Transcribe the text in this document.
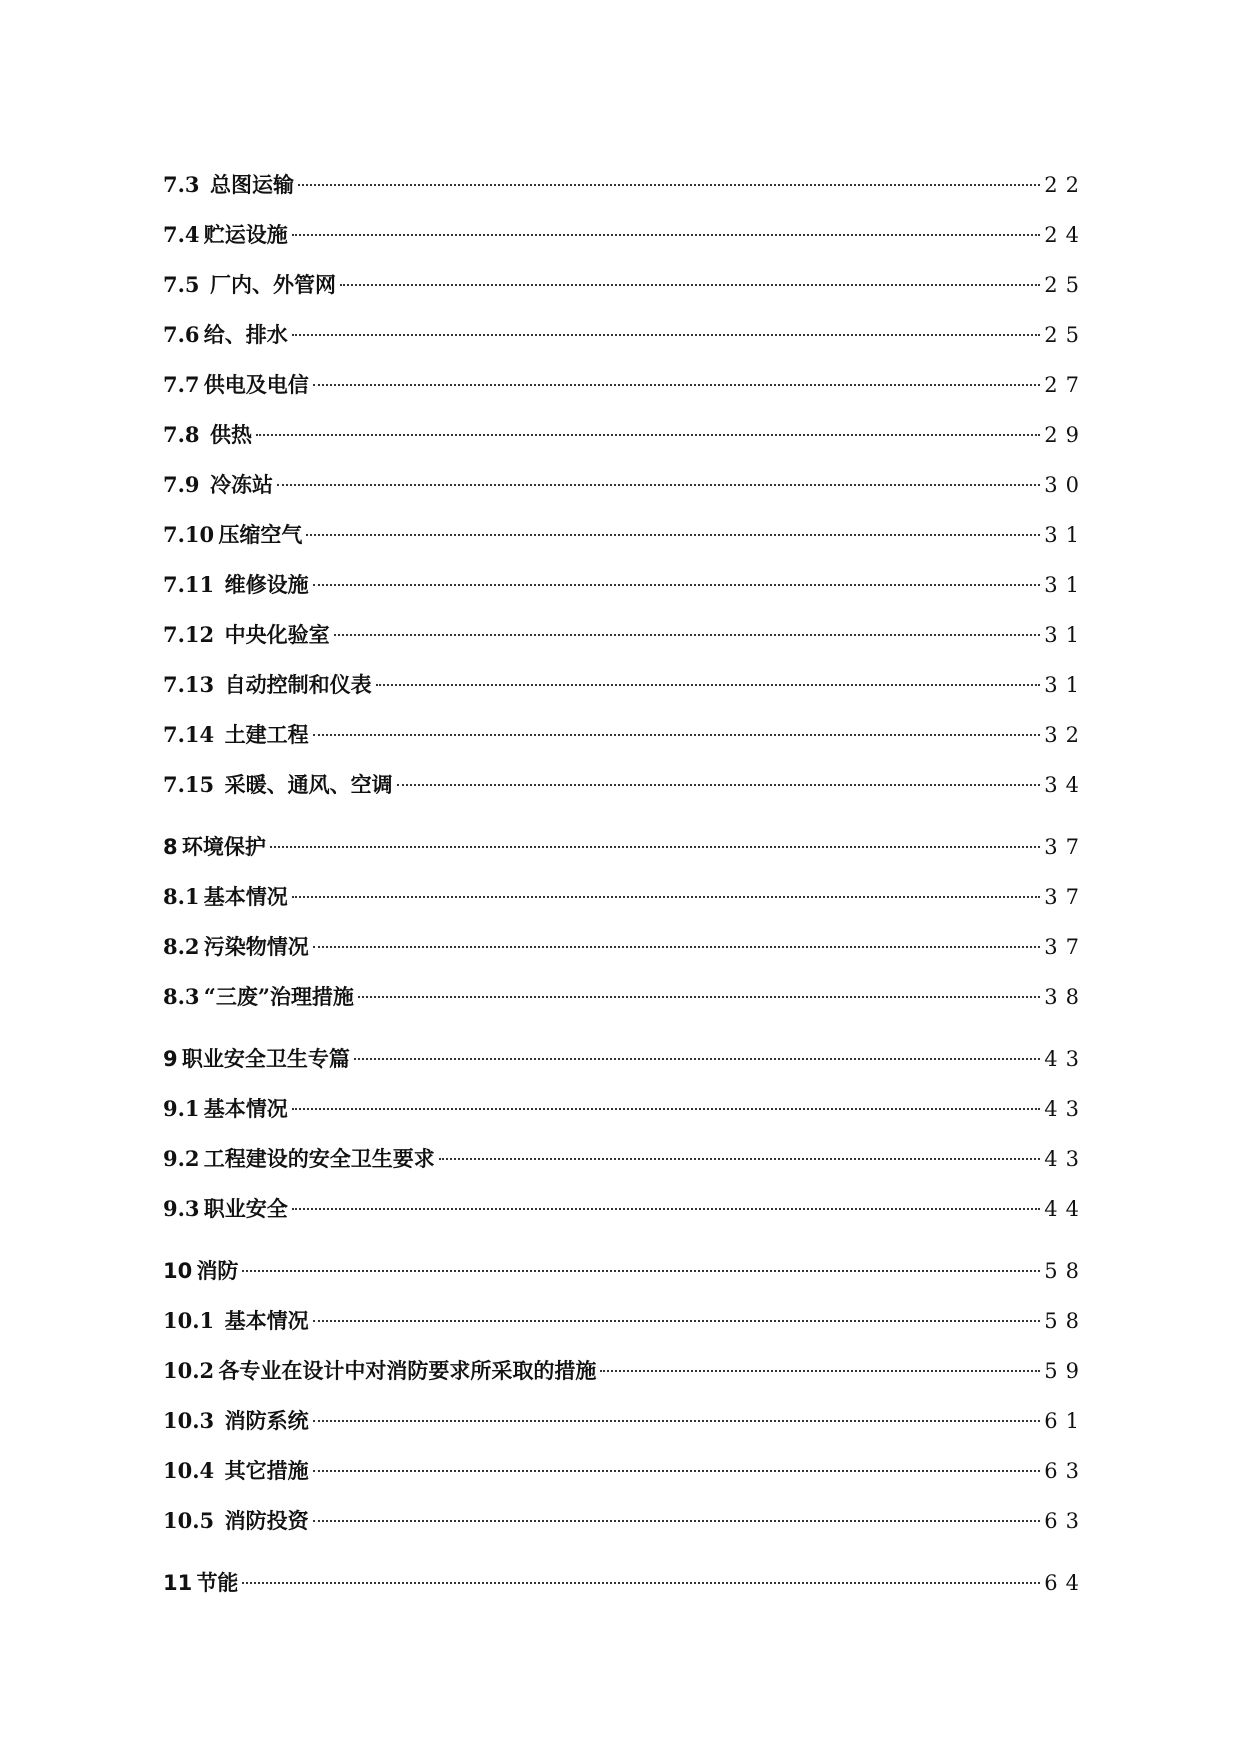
7.3  总图运输	22
7.4  贮运设施	24
7.5  厂内、外管网	25
7.6  给、排水	25
7.7  供电及电信	27
7.8  供热	29
7.9  冷冻站	30
7.10  压缩空气	31
7.11  维修设施	31
7.12  中央化验室	31
7.13  自动控制和仪表	31
7.14  土建工程	32
7.15  采暖、通风、空调	34
8  环境保护	37
8.1  基本情况	37
8.2  污染物情况	37
8.3  “三废”治理措施	38
9  职业安全卫生专篇	43
9.1  基本情况	43
9.2  工程建设的安全卫生要求	43
9.3  职业安全	44
10  消防	58
10.1  基本情况	58
10.2  各专业在设计中对消防要求所采取的措施	59
10.3  消防系统	61
10.4  其它措施	63
10.5  消防投资	63
11  节能	64
